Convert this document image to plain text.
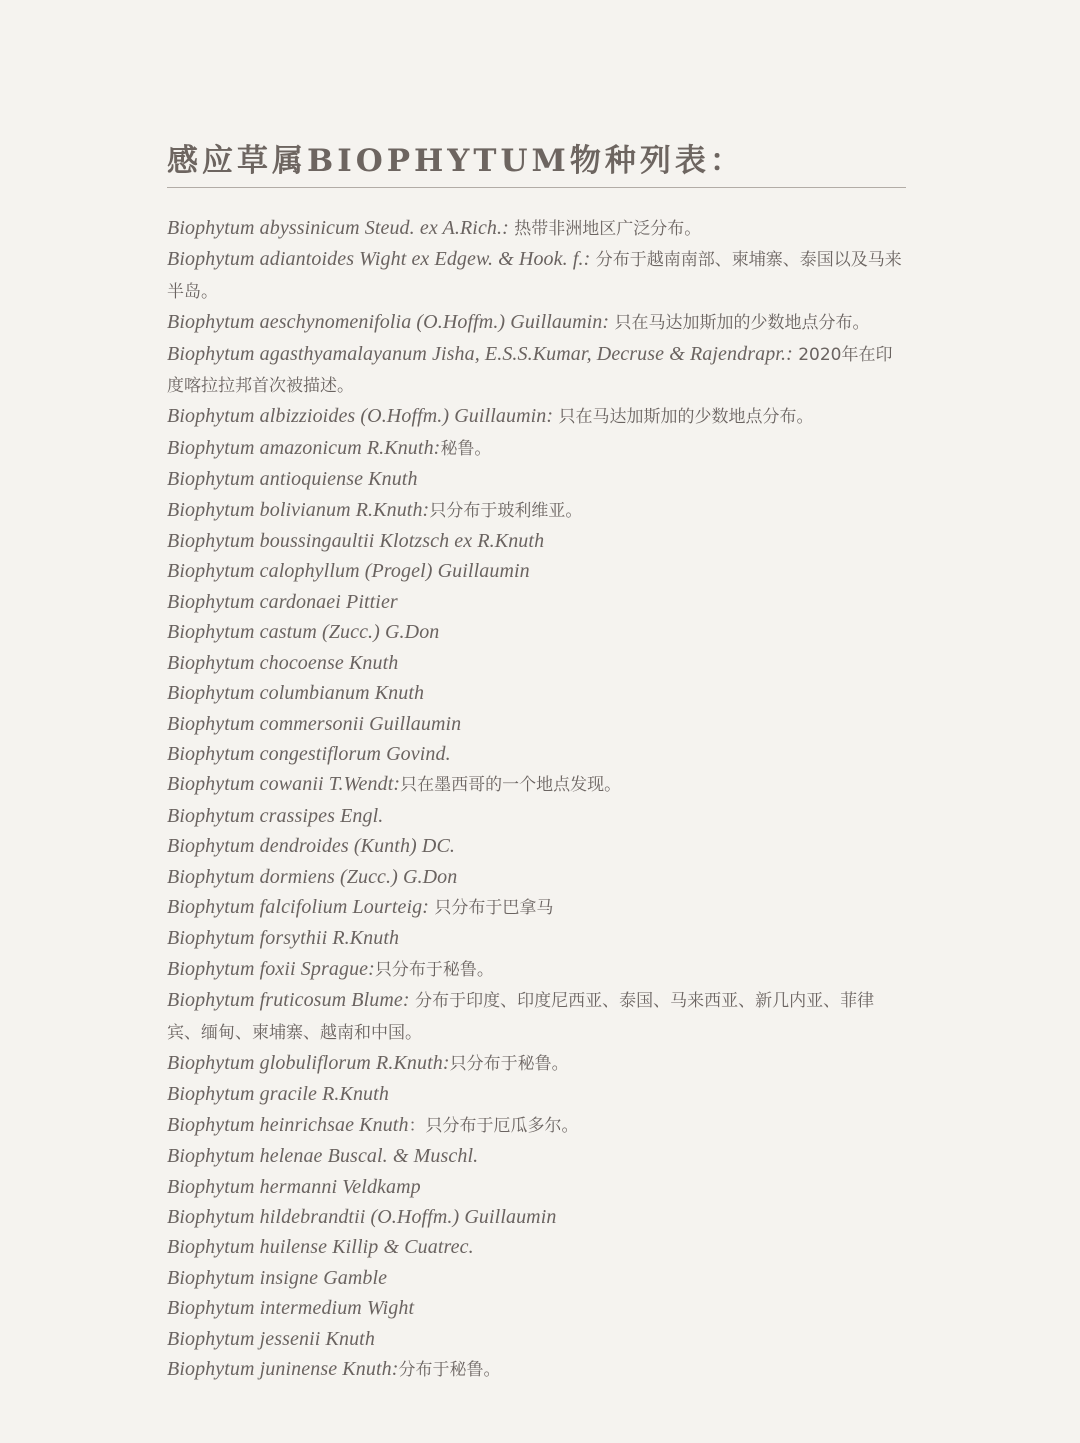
感应草属BIOPHYTUM物种列表：
Biophytum abyssinicum Steud. ex A.Rich.: 热带非洲地区广泛分布。
Biophytum adiantoides Wight ex Edgew. & Hook. f.: 分布于越南南部、柬埔寨、泰国以及马来半岛。
Biophytum aeschynomenifolia (O.Hoffm.) Guillaumin: 只在马达加斯加的少数地点分布。
Biophytum agasthyamalayanum Jisha, E.S.S.Kumar, Decruse & Rajendrapr.: 2020年在印度喀拉拉邦首次被描述。
Biophytum albizzioides (O.Hoffm.) Guillaumin: 只在马达加斯加的少数地点分布。
Biophytum amazonicum R.Knuth:秘鲁。
Biophytum antioquiense Knuth
Biophytum bolivianum R.Knuth:只分布于玻利维亚。
Biophytum boussingaultii Klotzsch ex R.Knuth
Biophytum calophyllum (Progel) Guillaumin
Biophytum cardonaei Pittier
Biophytum castum (Zucc.) G.Don
Biophytum chocoense Knuth
Biophytum columbianum Knuth
Biophytum commersonii Guillaumin
Biophytum congestiflorum Govind.
Biophytum cowanii T.Wendt:只在墨西哥的一个地点发现。
Biophytum crassipes Engl.
Biophytum dendroides (Kunth) DC.
Biophytum dormiens (Zucc.) G.Don
Biophytum falcifolium Lourteig: 只分布于巴拿马
Biophytum forsythii R.Knuth
Biophytum foxii Sprague:只分布于秘鲁。
Biophytum fruticosum Blume: 分布于印度、印度尼西亚、泰国、马来西亚、新几内亚、菲律宾、缅甸、柬埔寨、越南和中国。
Biophytum globuliflorum R.Knuth:只分布于秘鲁。
Biophytum gracile R.Knuth
Biophytum heinrichsae Knuth：只分布于厄瓜多尔。
Biophytum helenae Buscal. & Muschl.
Biophytum hermanni Veldkamp
Biophytum hildebrandtii (O.Hoffm.) Guillaumin
Biophytum huilense Killip & Cuatrec.
Biophytum insigne Gamble
Biophytum intermedium Wight
Biophytum jessenii Knuth
Biophytum juninense Knuth:分布于秘鲁。
